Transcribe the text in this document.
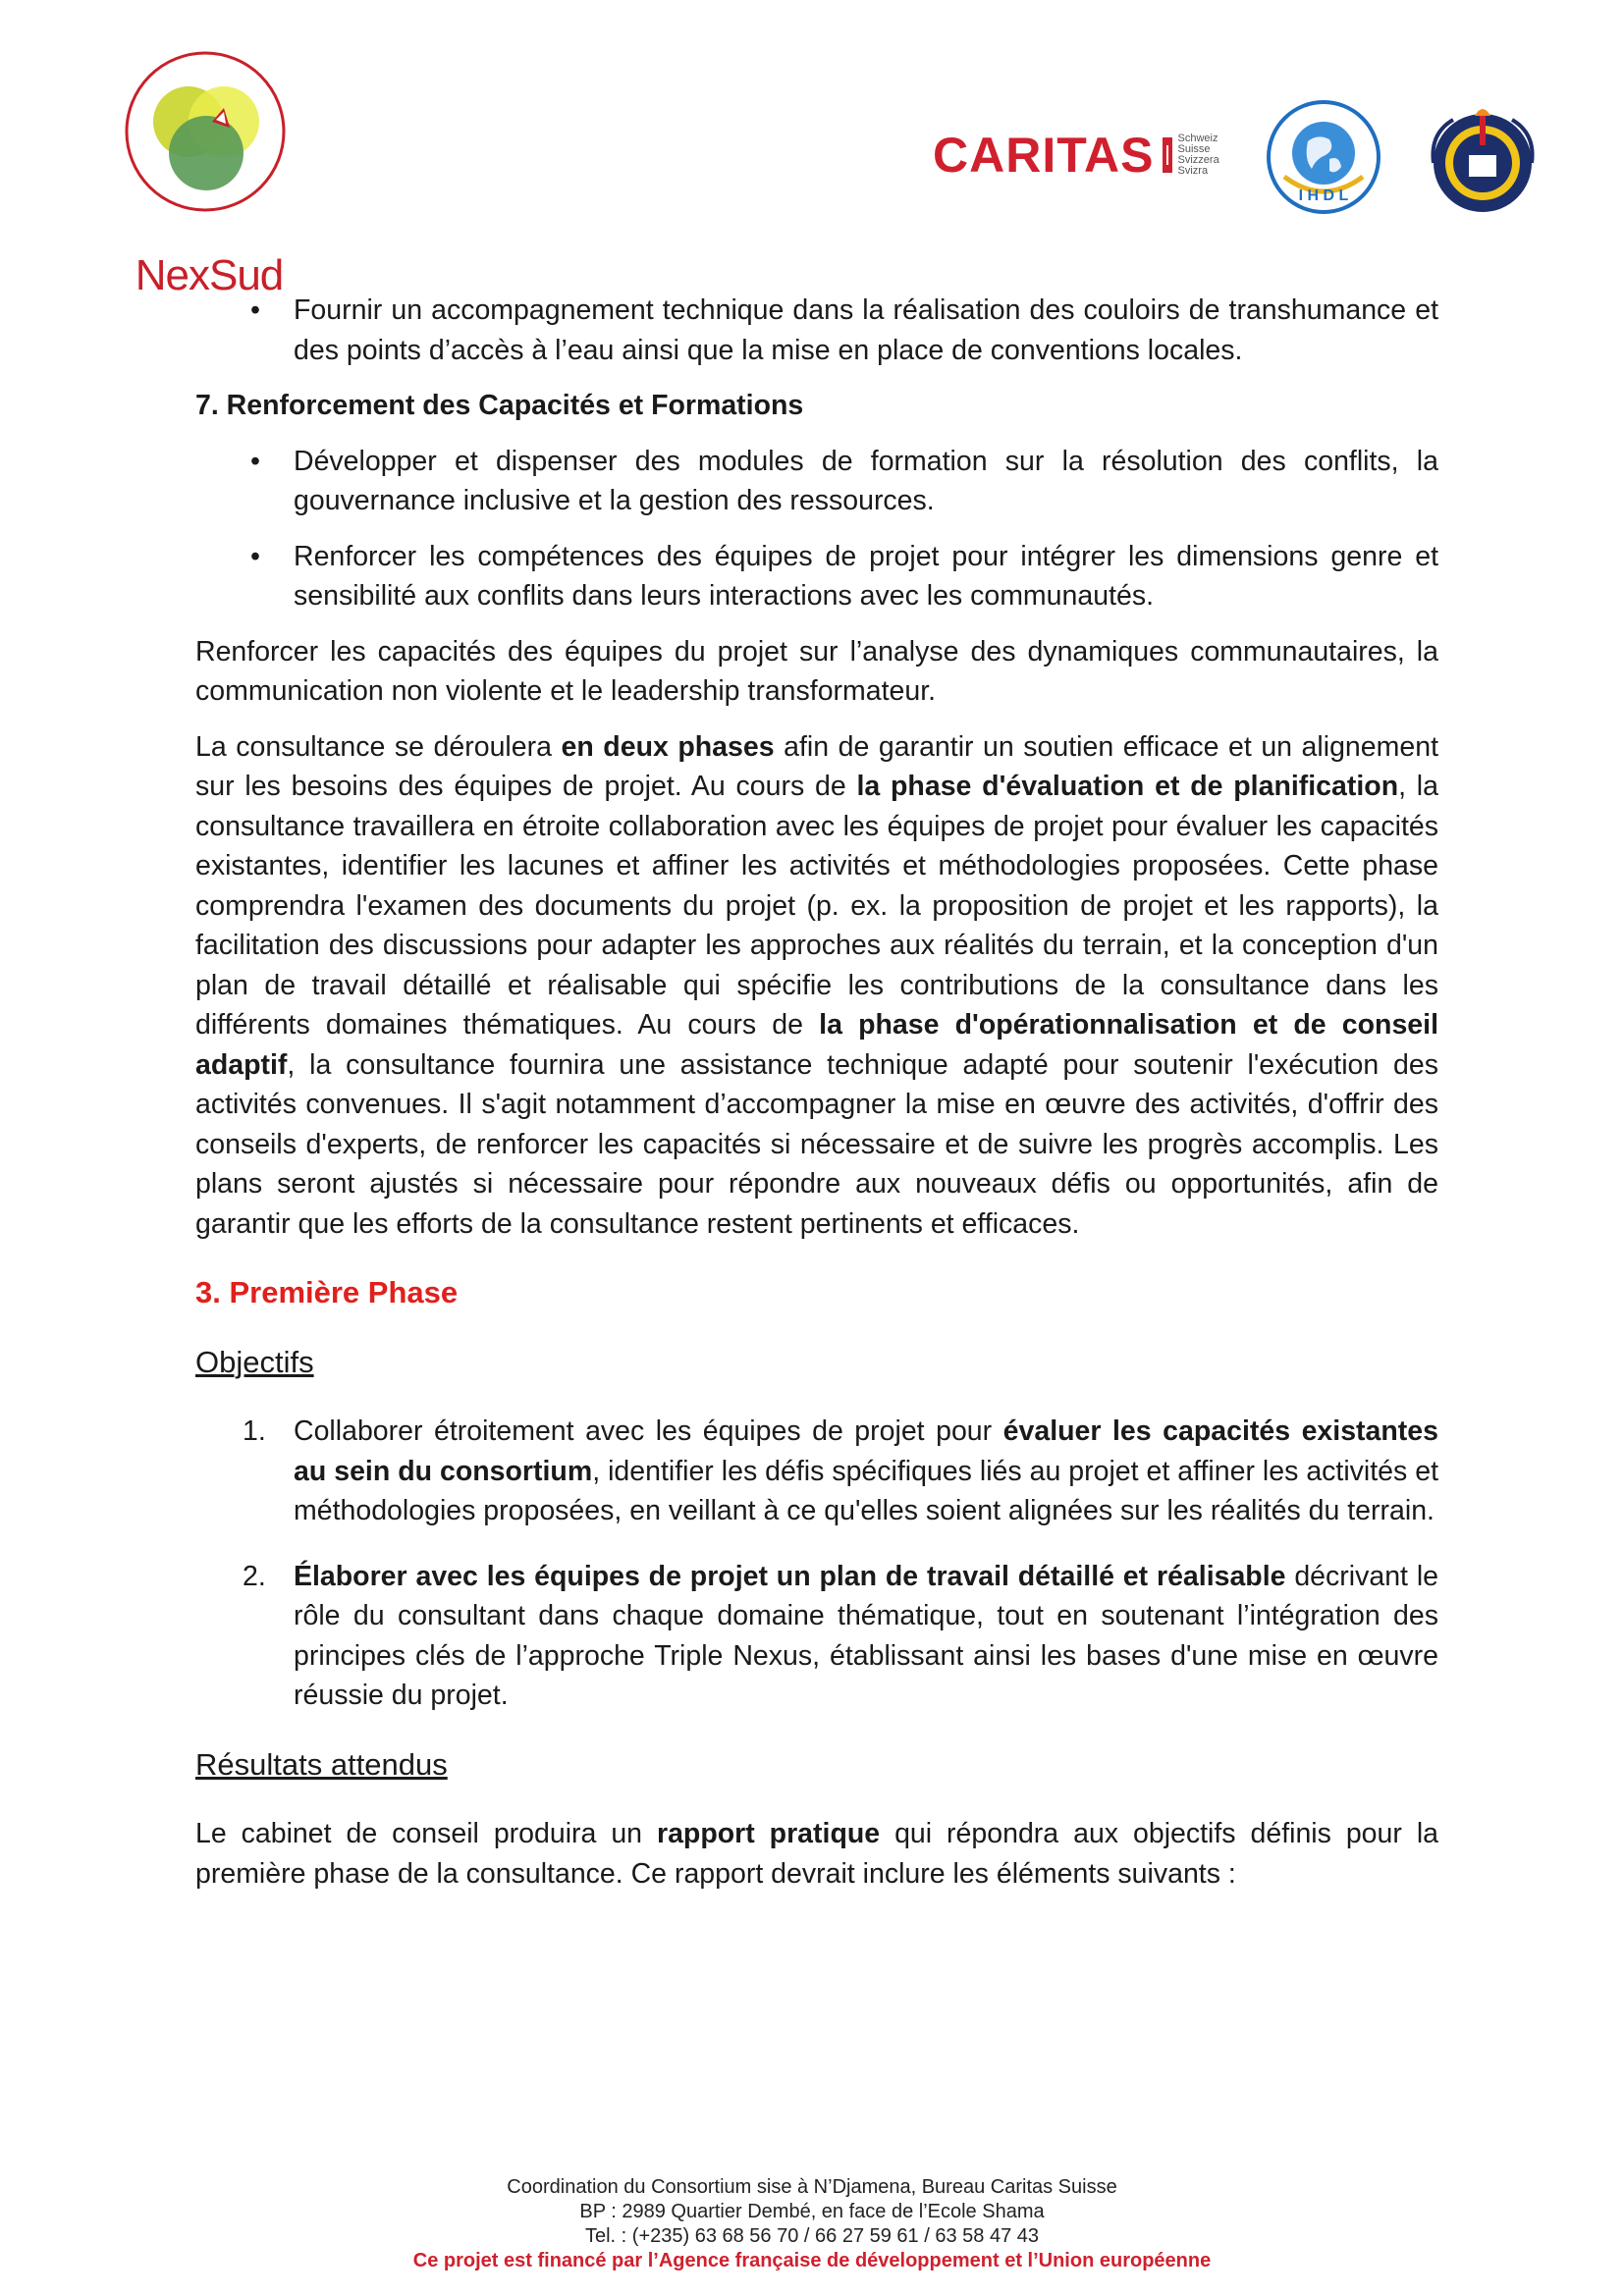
NexSud
CARITAS Schweiz
Suisse
Svizzera
Svizra
I H D L

• Fournir un accompagnement technique dans la réalisation des couloirs de transhumance et des points d’accès à l’eau ainsi que la mise en place de conventions locales.

7. Renforcement des Capacités et Formations

• Développer et dispenser des modules de formation sur la résolution des conflits, la gouvernance inclusive et la gestion des ressources.

• Renforcer les compétences des équipes de projet pour intégrer les dimensions genre et sensibilité aux conflits dans leurs interactions avec les communautés.

Renforcer les capacités des équipes du projet sur l’analyse des dynamiques communautaires, la communication non violente et le leadership transformateur.

La consultance se déroulera en deux phases afin de garantir un soutien efficace et un alignement sur les besoins des équipes de projet. Au cours de la phase d'évaluation et de planification, la consultance travaillera en étroite collaboration avec les équipes de projet pour évaluer les capacités existantes, identifier les lacunes et affiner les activités et méthodologies proposées. Cette phase comprendra l'examen des documents du projet (p. ex. la proposition de projet et les rapports), la facilitation des discussions pour adapter les approches aux réalités du terrain, et la conception d'un plan de travail détaillé et réalisable qui spécifie les contributions de la consultance dans les différents domaines thématiques. Au cours de la phase d'opérationnalisation et de conseil adaptif, la consultance fournira une assistance technique adapté pour soutenir l'exécution des activités convenues. Il s'agit notamment d’accompagner la mise en œuvre des activités, d'offrir des conseils d'experts, de renforcer les capacités si nécessaire et de suivre les progrès accomplis. Les plans seront ajustés si nécessaire pour répondre aux nouveaux défis ou opportunités, afin de garantir que les efforts de la consultance restent pertinents et efficaces.

3. Première Phase

Objectifs

1. Collaborer étroitement avec les équipes de projet pour évaluer les capacités existantes au sein du consortium, identifier les défis spécifiques liés au projet et affiner les activités et méthodologies proposées, en veillant à ce qu'elles soient alignées sur les réalités du terrain.

2. Élaborer avec les équipes de projet un plan de travail détaillé et réalisable décrivant le rôle du consultant dans chaque domaine thématique, tout en soutenant l’intégration des principes clés de l’approche Triple Nexus, établissant ainsi les bases d'une mise en œuvre réussie du projet.

Résultats attendus

Le cabinet de conseil produira un rapport pratique qui répondra aux objectifs définis pour la première phase de la consultance. Ce rapport devrait inclure les éléments suivants :

Coordination du Consortium sise à N’Djamena, Bureau Caritas Suisse
BP : 2989 Quartier Dembé, en face de l’Ecole Shama
Tel. : (+235) 63 68 56 70 / 66 27 59 61 / 63 58 47 43
Ce projet est financé par l’Agence française de développement et l’Union européenne
